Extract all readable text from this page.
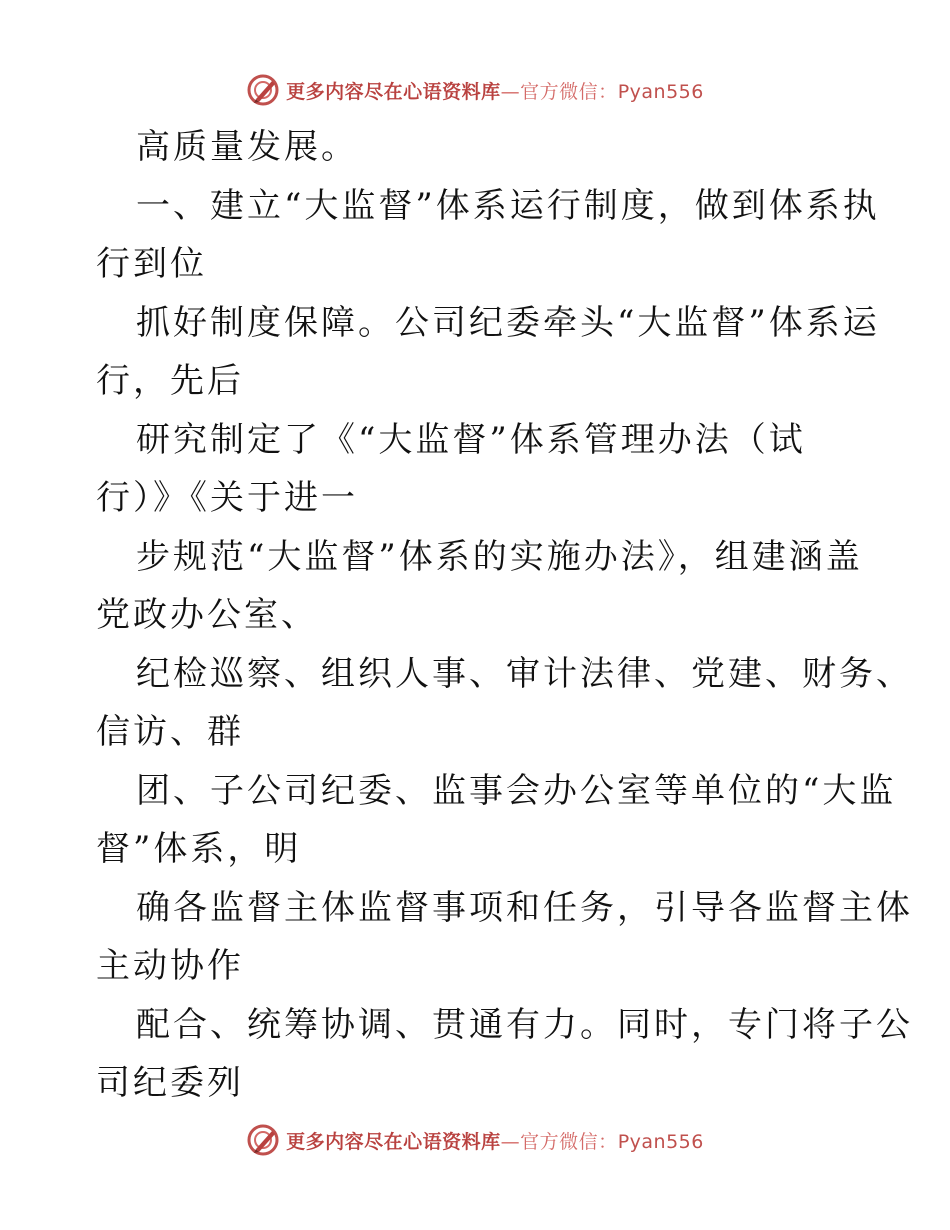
更多内容尽在心语资料库—官方微信：Pyan556
高质量发展。
一、建立“大监督”体系运行制度，做到体系执
行到位
抓好制度保障。公司纪委牵头“大监督”体系运
行，先后
研究制定了《“大监督”体系管理办法（试
行）》《关于进一
步规范“大监督”体系的实施办法》，组建涵盖
党政办公室、
纪检巡察、组织人事、审计法律、党建、财务、
信访、群
团、子公司纪委、监事会办公室等单位的“大监
督”体系，明
确各监督主体监督事项和任务，引导各监督主体
主动协作
配合、统筹协调、贯通有力。同时，专门将子公
司纪委列
更多内容尽在心语资料库—官方微信：Pyan556
